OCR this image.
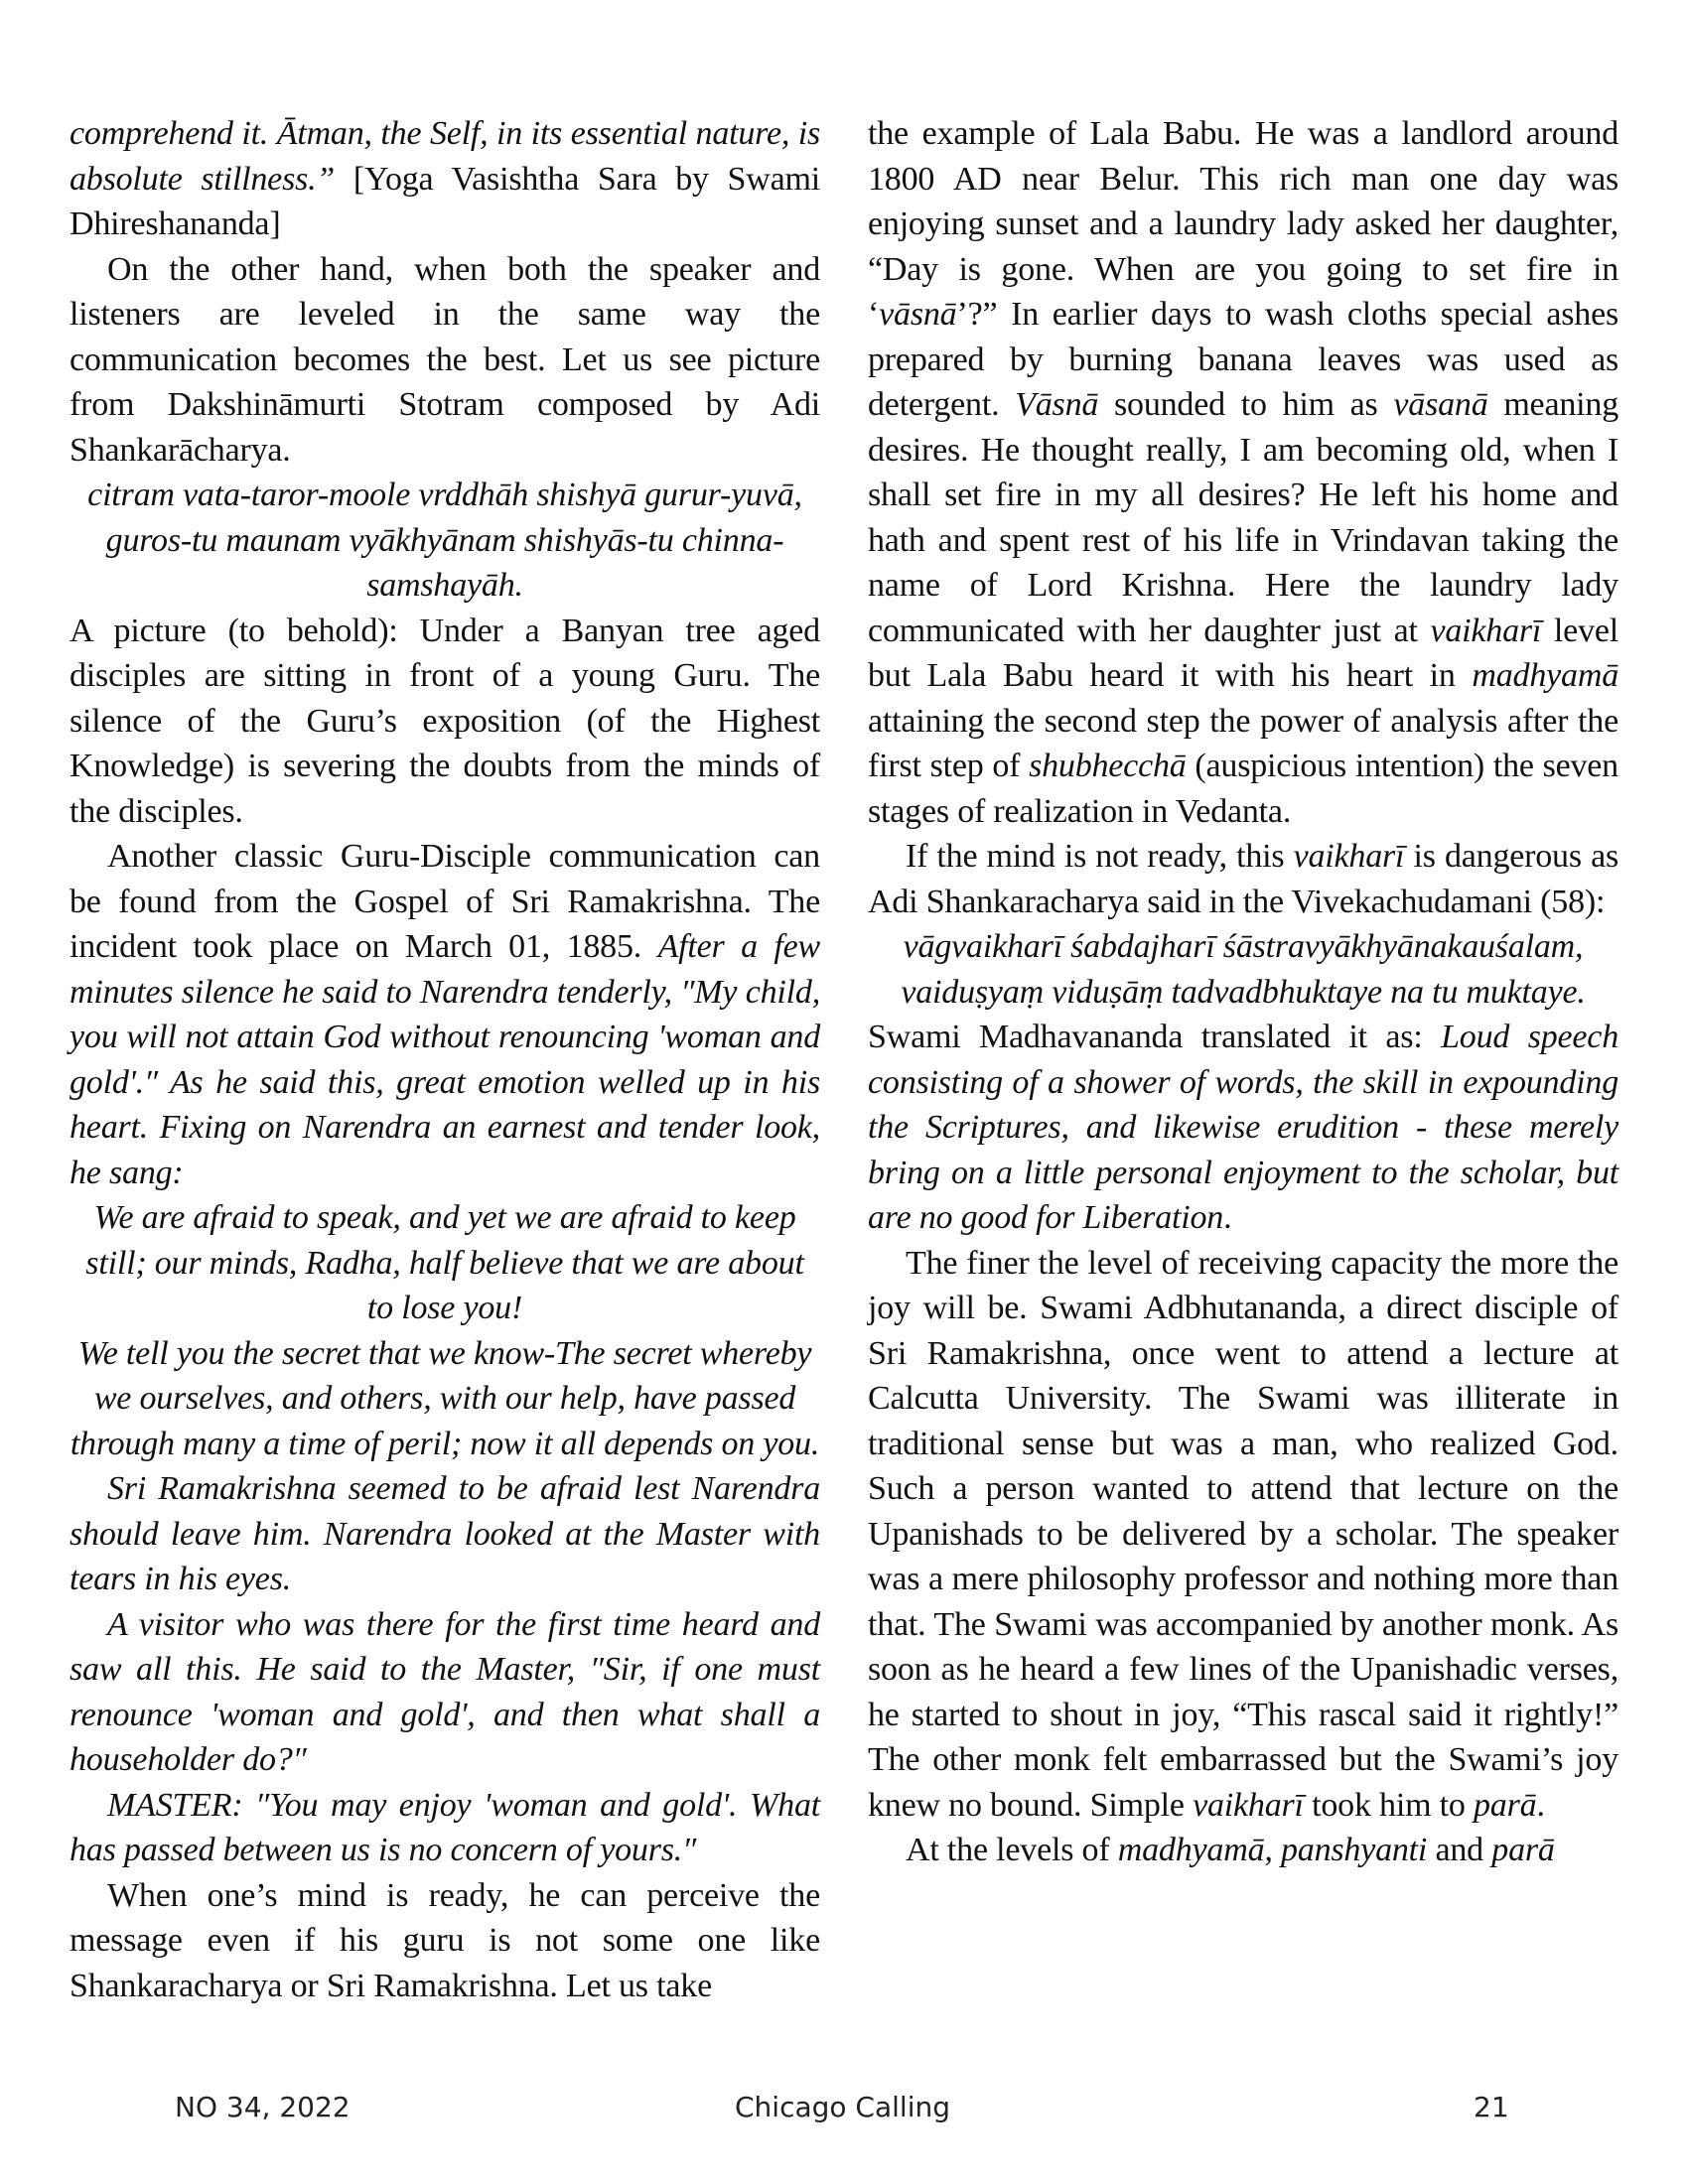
comprehend it. Ātman, the Self, in its essential nature, is absolute stillness.” [Yoga Vasishtha Sara by Swami Dhireshananda]

On the other hand, when both the speaker and listeners are leveled in the same way the communication becomes the best. Let us see picture from Dakshināmurti Stotram composed by Adi Shankarācharya.

citram vata-taror-moole vrddhāh shishyā gurur-yuvā, guros-tu maunam vyākhyānam shishyās-tu chinna-samshayāh.

A picture (to behold): Under a Banyan tree aged disciples are sitting in front of a young Guru. The silence of the Guru’s exposition (of the Highest Knowledge) is severing the doubts from the minds of the disciples.

Another classic Guru-Disciple communication can be found from the Gospel of Sri Ramakrishna. The incident took place on March 01, 1885. After a few minutes silence he said to Narendra tenderly, ″My child, you will not attain God without renouncing 'woman and gold'.″ As he said this, great emotion welled up in his heart. Fixing on Narendra an earnest and tender look, he sang:

We are afraid to speak, and yet we are afraid to keep still; our minds, Radha, half believe that we are about to lose you!

We tell you the secret that we know-The secret whereby we ourselves, and others, with our help, have passed through many a time of peril; now it all depends on you.

Sri Ramakrishna seemed to be afraid lest Narendra should leave him. Narendra looked at the Master with tears in his eyes.

A visitor who was there for the first time heard and saw all this. He said to the Master, ″Sir, if one must renounce 'woman and gold', and then what shall a householder do?″

MASTER: ″You may enjoy 'woman and gold'. What has passed between us is no concern of yours.″

When one’s mind is ready, he can perceive the message even if his guru is not some one like Shankaracharya or Sri Ramakrishna. Let us take

the example of Lala Babu. He was a landlord around 1800 AD near Belur. This rich man one day was enjoying sunset and a laundry lady asked her daughter, “Day is gone. When are you going to set fire in ‘vāsnā’?” In earlier days to wash cloths special ashes prepared by burning banana leaves was used as detergent. Vāsnā sounded to him as vāsanā meaning desires. He thought really, I am becoming old, when I shall set fire in my all desires? He left his home and hath and spent rest of his life in Vrindavan taking the name of Lord Krishna. Here the laundry lady communicated with her daughter just at vaikharī level but Lala Babu heard it with his heart in madhyamā attaining the second step the power of analysis after the first step of shubhecchā (auspicious intention) the seven stages of realization in Vedanta.

If the mind is not ready, this vaikharī is dangerous as Adi Shankaracharya said in the Vivekachudamani (58):

vāgvaikharī śabdajharī śāstravyākhyānakauśalam, vaiduṣyaṃ viduṣāṃ tadvadbhuktaye na tu muktaye.

Swami Madhavananda translated it as: Loud speech consisting of a shower of words, the skill in expounding the Scriptures, and likewise erudition - these merely bring on a little personal enjoyment to the scholar, but are no good for Liberation.

The finer the level of receiving capacity the more the joy will be. Swami Adbhutananda, a direct disciple of Sri Ramakrishna, once went to attend a lecture at Calcutta University. The Swami was illiterate in traditional sense but was a man, who realized God. Such a person wanted to attend that lecture on the Upanishads to be delivered by a scholar. The speaker was a mere philosophy professor and nothing more than that. The Swami was accompanied by another monk. As soon as he heard a few lines of the Upanishadic verses, he started to shout in joy, “This rascal said it rightly!” The other monk felt embarrassed but the Swami’s joy knew no bound. Simple vaikharī took him to parā.

At the levels of madhyamā, panshyanti and parā

NO 34, 2022	Chicago Calling	21
